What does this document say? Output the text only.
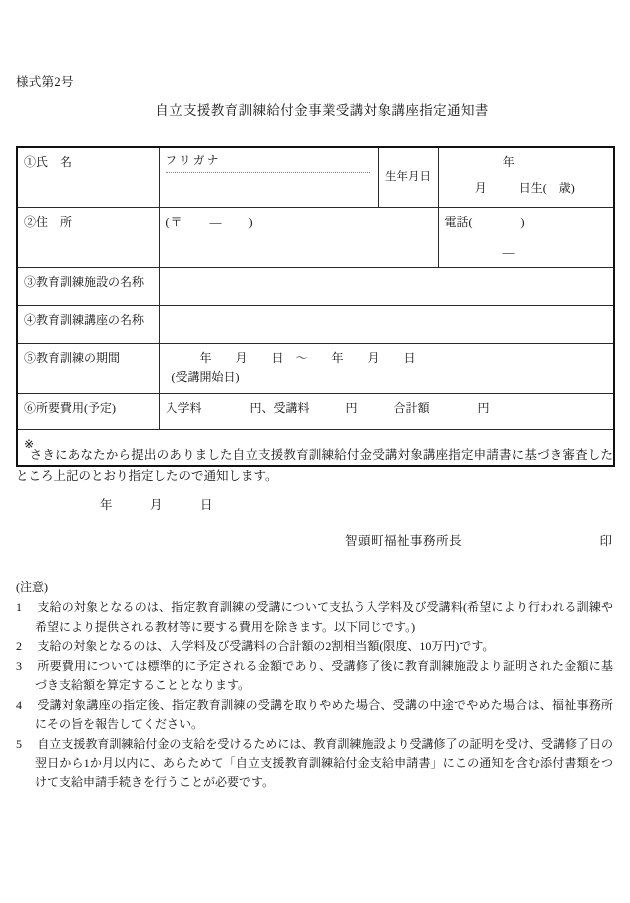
様式第2号
自立支援教育訓練給付金事業受講対象講座指定通知書
①氏　名	フリガナ	生年月日	年
月 日生(　歳)

②住　所	(〒　　—　　)		電話(　　　　)
—

③教育訓練施設の名称			
④教育訓練講座の名称			
⑤教育訓練の期間	年　　月　　日　〜　　年　　月　　日
(受講開始日)		

⑥所要費用(予定)	入学料　　　　円、受講料　　　円　　　合計額　　　　円		

※			
さきにあなたから提出のありました自立支援教育訓練給付金受講対象講座指定申請書に基づき審査したところ上記のとおり指定したので通知します。
年　　　月　　　日
智頭町福祉事務所長	印
(注意)
1	支給の対象となるのは、指定教育訓練の受講について支払う入学料及び受講料(希望により行われる訓練や希望により提供される教材等に要する費用を除きます。以下同じです。)
2	支給の対象となるのは、入学料及び受講料の合計額の2割相当額(限度、10万円)です。
3	所要費用については標準的に予定される金額であり、受講修了後に教育訓練施設より証明された金額に基づき支給額を算定することとなります。
4	受講対象講座の指定後、指定教育訓練の受講を取りやめた場合、受講の中途でやめた場合は、福祉事務所にその旨を報告してください。
5	自立支援教育訓練給付金の支給を受けるためには、教育訓練施設より受講修了の証明を受け、受講修了日の翌日から1か月以内に、あらためて「自立支援教育訓練給付金支給申請書」にこの通知を含む添付書類をつけて支給申請手続きを行うことが必要です。
